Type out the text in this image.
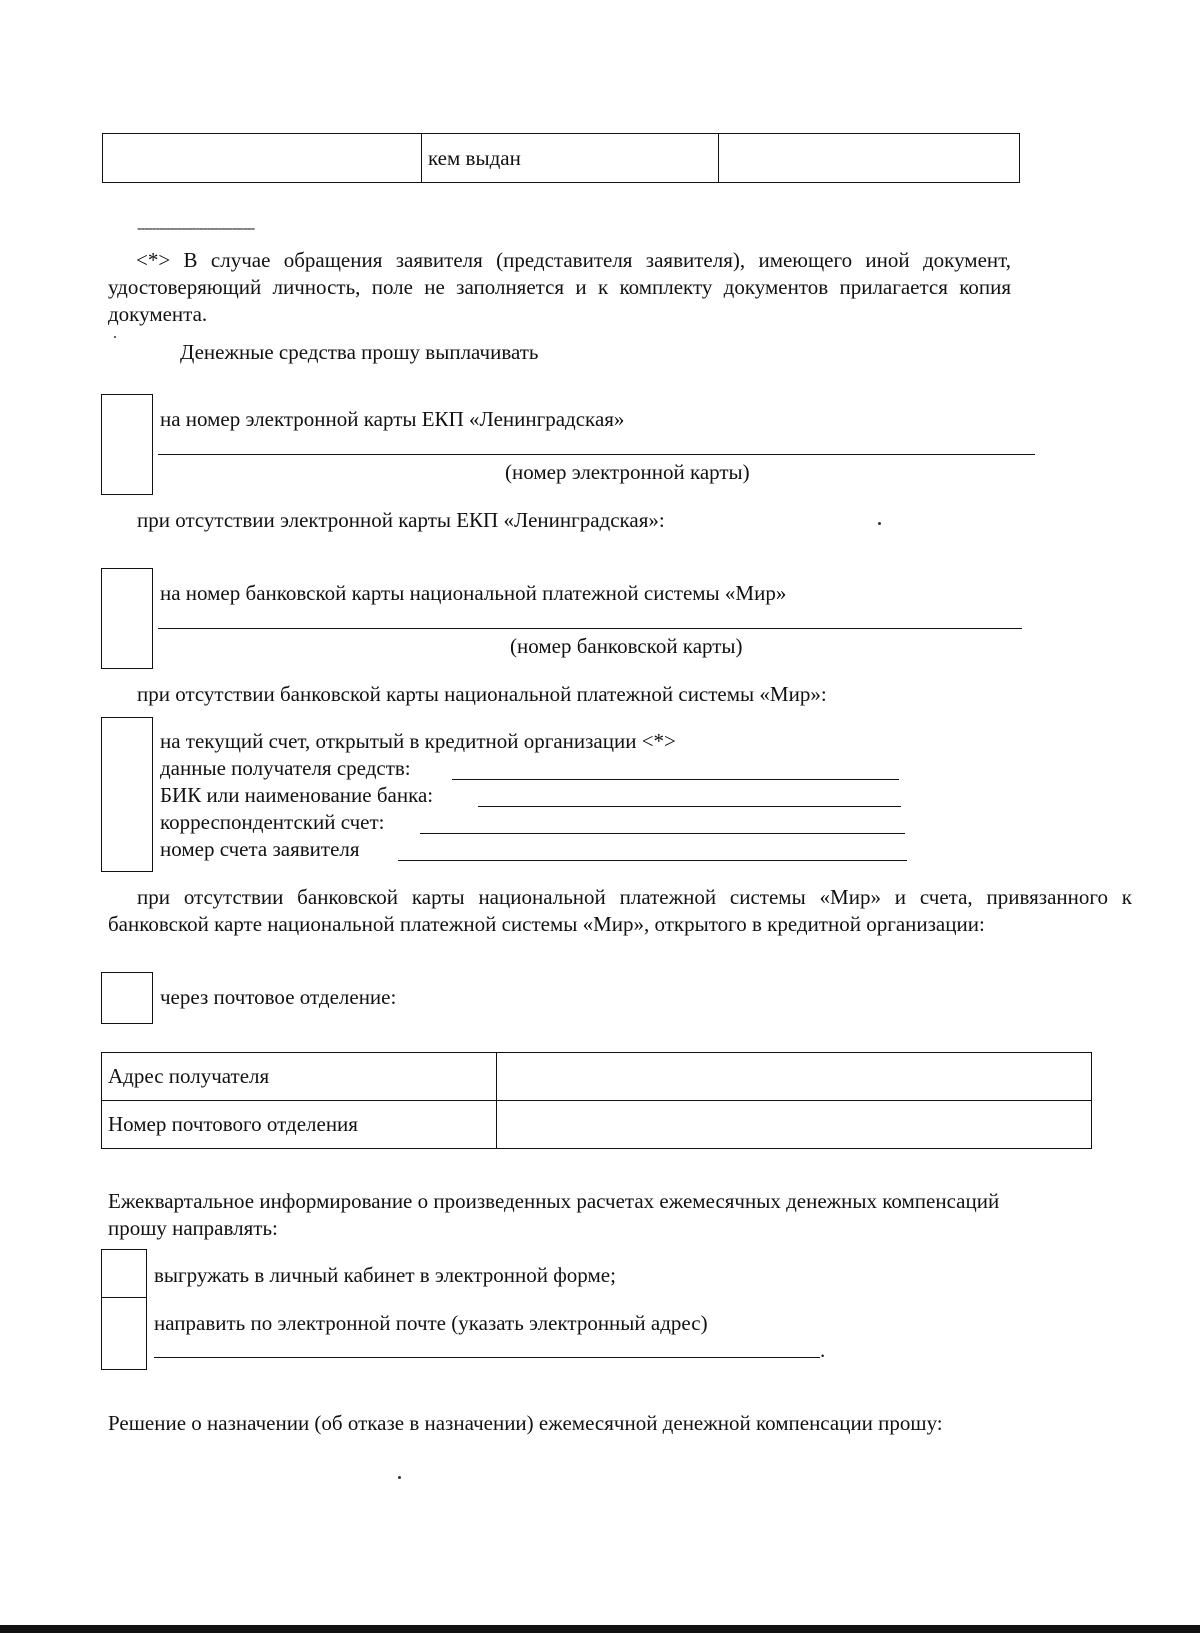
	кем выдан	
--------------------------------
<*> В случае обращения заявителя (представителя заявителя), имеющего иной документ, удостоверяющий личность, поле не заполняется и к комплекту документов прилагается копия документа.
Денежные средства прошу выплачивать
на номер электронной карты ЕКП «Ленинградская»
(номер электронной карты)
при отсутствии электронной карты ЕКП «Ленинградская»:
на номер банковской карты национальной платежной системы «Мир»
(номер банковской карты)
при отсутствии банковской карты национальной платежной системы «Мир»:
на текущий счет, открытый в кредитной организации <*>
данные получателя средств:
БИК или наименование банка:
корреспондентский счет:
номер счета заявителя
при отсутствии банковской карты национальной платежной системы «Мир» и счета, привязанного к банковской карте национальной платежной системы «Мир», открытого в кредитной организации:
через почтовое отделение:
Адрес получателя	
Номер почтового отделения	
Ежеквартальное информирование о произведенных расчетах ежемесячных денежных компенсаций прошу направлять:
выгружать в личный кабинет в электронной форме;
направить по электронной почте (указать электронный адрес)
.
Решение о назначении (об отказе в назначении) ежемесячной денежной компенсации прошу:
